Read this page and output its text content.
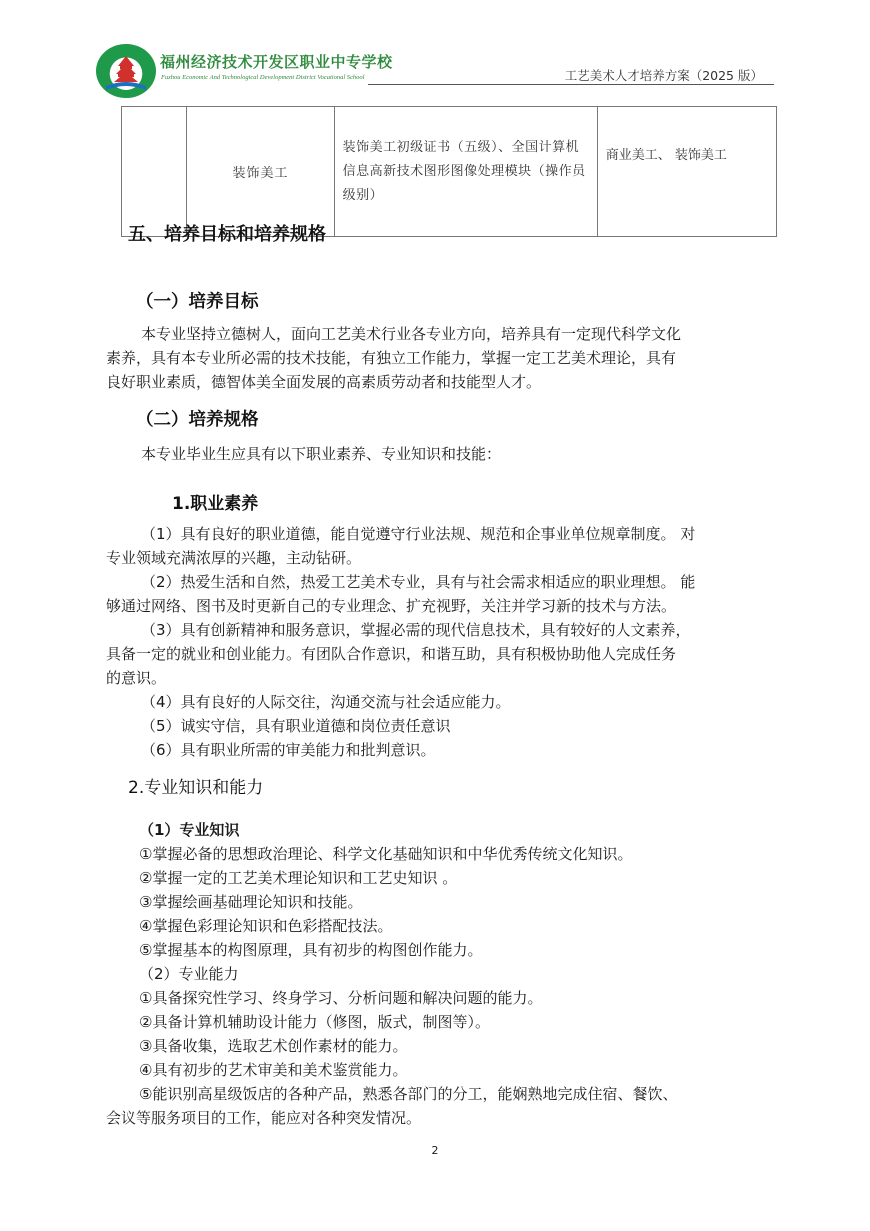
福州经济技术开发区职业中专学校
Fuzhou Economic And Technological Development District Vocational School	工艺美术人才培养方案（2025 版）
	装饰美工	装饰美工初级证书（五级）、全国计算机信息高新技术图形图像处理模块（操作员级别）	商业美工、 装饰美工
五、培养目标和培养规格
（一）培养目标
本专业坚持立德树人，面向工艺美术行业各专业方向，培养具有一定现代科学文化
素养，具有本专业所必需的技术技能，有独立工作能力，掌握一定工艺美术理论，具有
良好职业素质，德智体美全面发展的高素质劳动者和技能型人才。
（二）培养规格
本专业毕业生应具有以下职业素养、专业知识和技能：
1.职业素养
（1）具有良好的职业道德，能自觉遵守行业法规、规范和企事业单位规章制度。 对
专业领域充满浓厚的兴趣，主动钻研。
（2）热爱生活和自然，热爱工艺美术专业，具有与社会需求相适应的职业理想。 能
够通过网络、图书及时更新自己的专业理念、扩充视野，关注并学习新的技术与方法。
（3）具有创新精神和服务意识，掌握必需的现代信息技术，具有较好的人文素养，
具备一定的就业和创业能力。有团队合作意识，和谐互助，具有积极协助他人完成任务
的意识。
（4）具有良好的人际交往，沟通交流与社会适应能力。
（5）诚实守信，具有职业道德和岗位责任意识
（6）具有职业所需的审美能力和批判意识。
2.专业知识和能力
（1）专业知识
①掌握必备的思想政治理论、科学文化基础知识和中华优秀传统文化知识。
②掌握一定的工艺美术理论知识和工艺史知识 。
③掌握绘画基础理论知识和技能。
④掌握色彩理论知识和色彩搭配技法。
⑤掌握基本的构图原理，具有初步的构图创作能力。
（2）专业能力
①具备探究性学习、终身学习、分析问题和解决问题的能力。
②具备计算机辅助设计能力（修图，版式，制图等）。
③具备收集，选取艺术创作素材的能力。
④具有初步的艺术审美和美术鉴赏能力。
⑤能识别高星级饭店的各种产品，熟悉各部门的分工，能娴熟地完成住宿、餐饮、
会议等服务项目的工作，能应对各种突发情况。
2
